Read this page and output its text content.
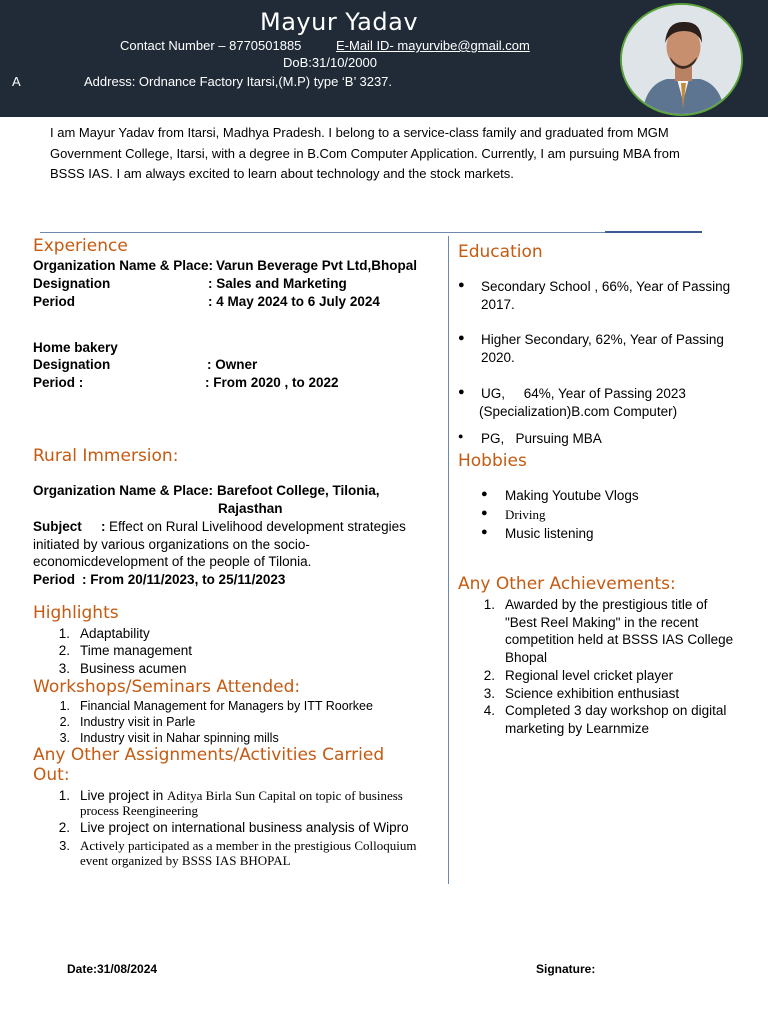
Mayur Yadav
Contact Number – 8770501885	E-Mail ID- mayurvibe@gmail.com
DoB:31/10/2000
A	Address: Ordnance Factory Itarsi,(M.P) type ‘B’ 3237.
I am Mayur Yadav from Itarsi, Madhya Pradesh. I belong to a service-class family and graduated from MGM Government College, Itarsi, with a degree in B.Com Computer Application. Currently, I am pursuing MBA from BSSS IAS. I am always excited to learn about technology and the stock markets.
Experience
Organization Name & Place: Varun Beverage Pvt Ltd,Bhopal
Designation	: Sales and Marketing
Period	: 4 May 2024 to 6 July 2024
Home bakery
Designation	: Owner
Period :	: From 2020 , to 2022
Rural Immersion:
Organization Name & Place: Barefoot College, Tilonia,
Rajasthan
Subject : Effect on Rural Livelihood development strategies
initiated by various organizations on the socio-
economicdevelopment of the people of Tilonia.
Period : From 20/11/2023, to 25/11/2023
Highlights
1. Adaptability
2. Time management
3. Business acumen
Workshops/Seminars Attended:
1. Financial Management for Managers by ITT Roorkee
2. Industry visit in Parle
3. Industry visit in Nahar spinning mills
Any Other Assignments/Activities Carried
Out:
1. Live project in Aditya Birla Sun Capital on topic of business
process Reengineering
2. Live project on international business analysis of Wipro
3. Actively participated as a member in the prestigious Colloquium
event organized by BSSS IAS BHOPAL
Education
● Secondary School , 66%, Year of Passing
2017.
● Higher Secondary, 62%, Year of Passing
2020.
● UG,     64%, Year of Passing 2023
(Specialization)B.com Computer)
● PG,   Pursuing MBA
Hobbies
● Making Youtube Vlogs
● Driving
● Music listening
Any Other Achievements:
1. Awarded by the prestigious title of
"Best Reel Making" in the recent
competition held at BSSS IAS College
Bhopal
2. Regional level cricket player
3. Science exhibition enthusiast
4. Completed 3 day workshop on digital
marketing by Learnmize
Date:31/08/2024	Signature:
